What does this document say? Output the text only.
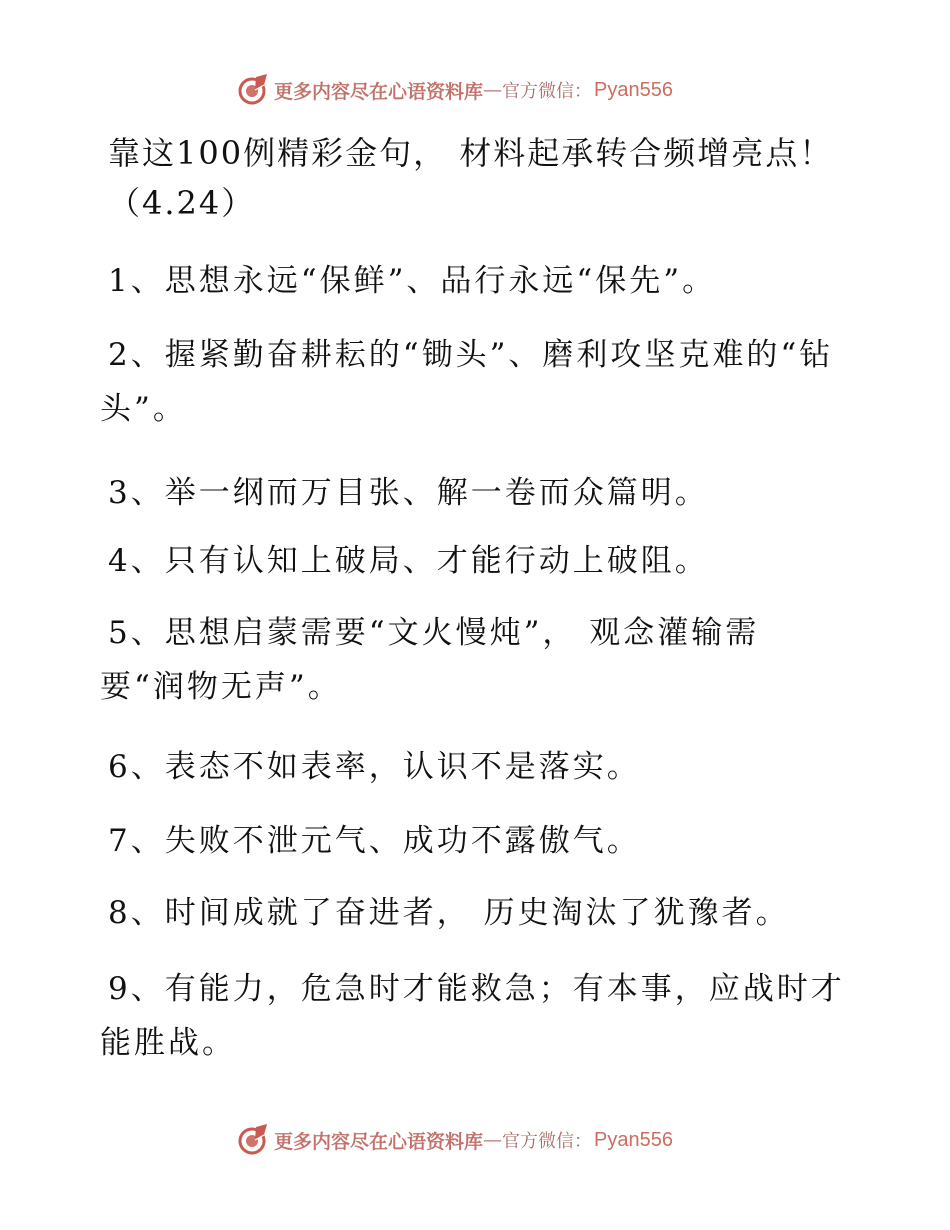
更多内容尽在心语资料库 — 官方微信： Pyan556
靠这100例精彩金句， 材料起承转合频增亮点！（4.24）
1、思想永远“保鲜”、品行永远“保先”。
2、握紧勤奋耕耘的“锄头”、磨利攻坚克难的“钻头”。
3、举一纲而万目张、解一卷而众篇明。
4、只有认知上破局、才能行动上破阻。
5、思想启蒙需要“文火慢炖”， 观念灌输需要“润物无声”。
6、表态不如表率，认识不是落实。
7、失败不泄元气、成功不露傲气。
8、时间成就了奋进者， 历史淘汰了犹豫者。
9、有能力，危急时才能救急；有本事，应战时才能胜战。
更多内容尽在心语资料库 — 官方微信： Pyan556
